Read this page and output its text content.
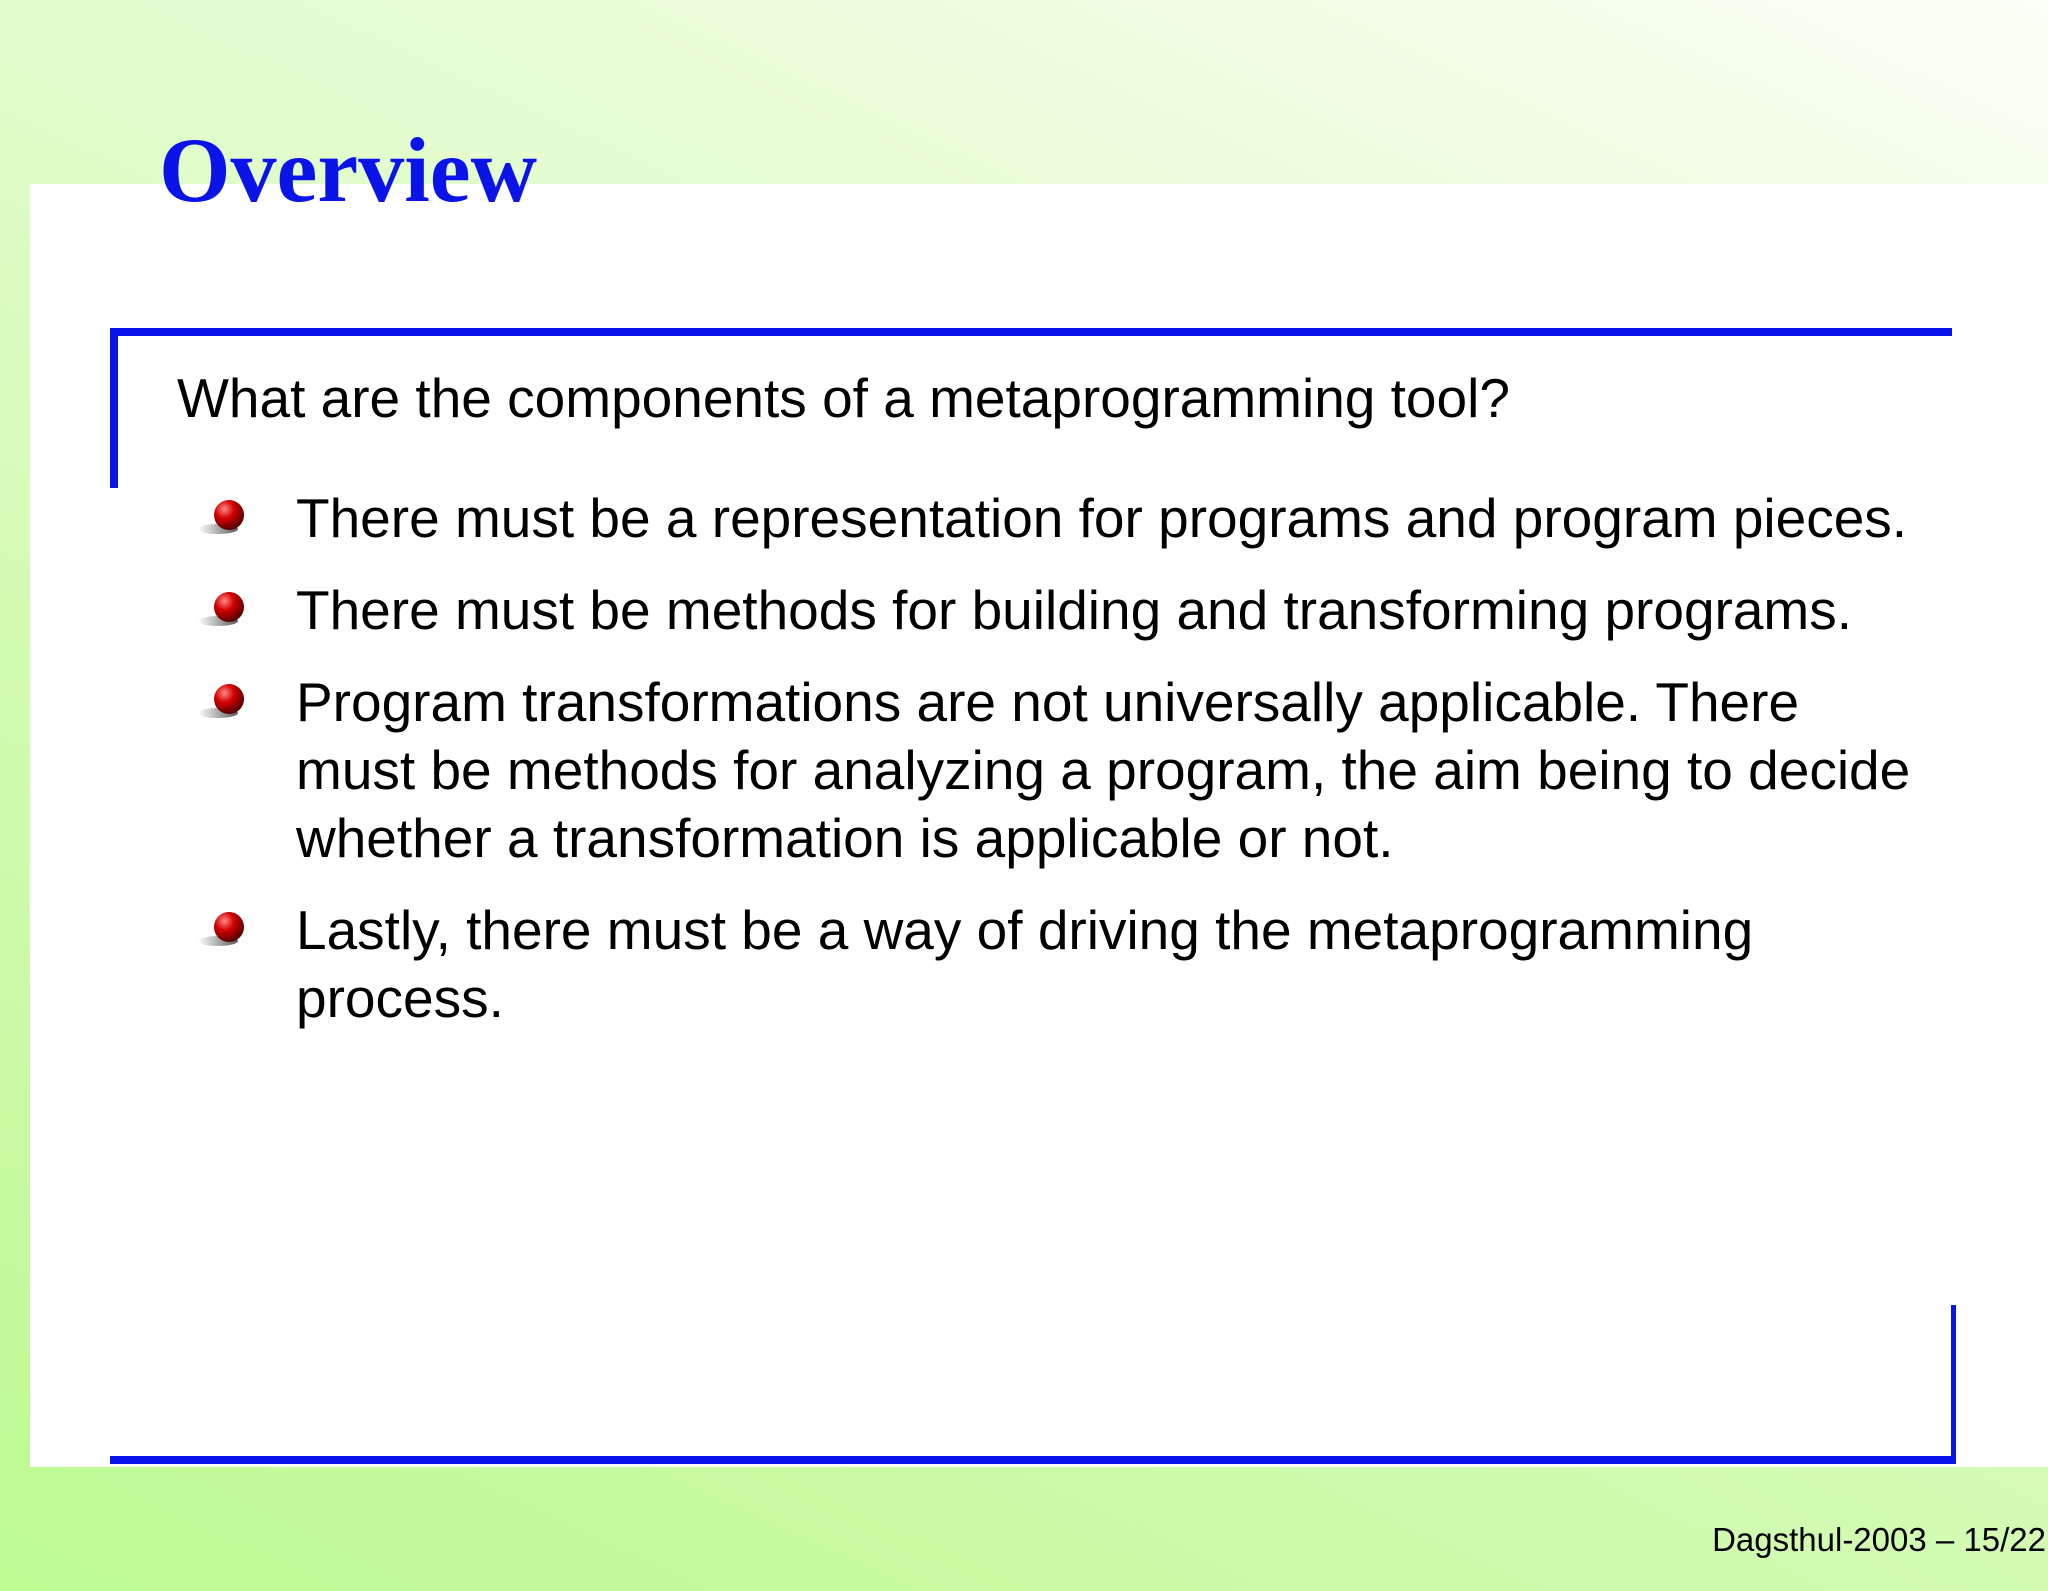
Overview

What are the components of a metaprogramming tool?

There must be a representation for programs and program pieces.
There must be methods for building and transforming programs.
Program transformations are not universally applicable. There must be methods for analyzing a program, the aim being to decide whether a transformation is applicable or not.
Lastly, there must be a way of driving the metaprogramming process.
Dagsthul-2003 – 15/22
